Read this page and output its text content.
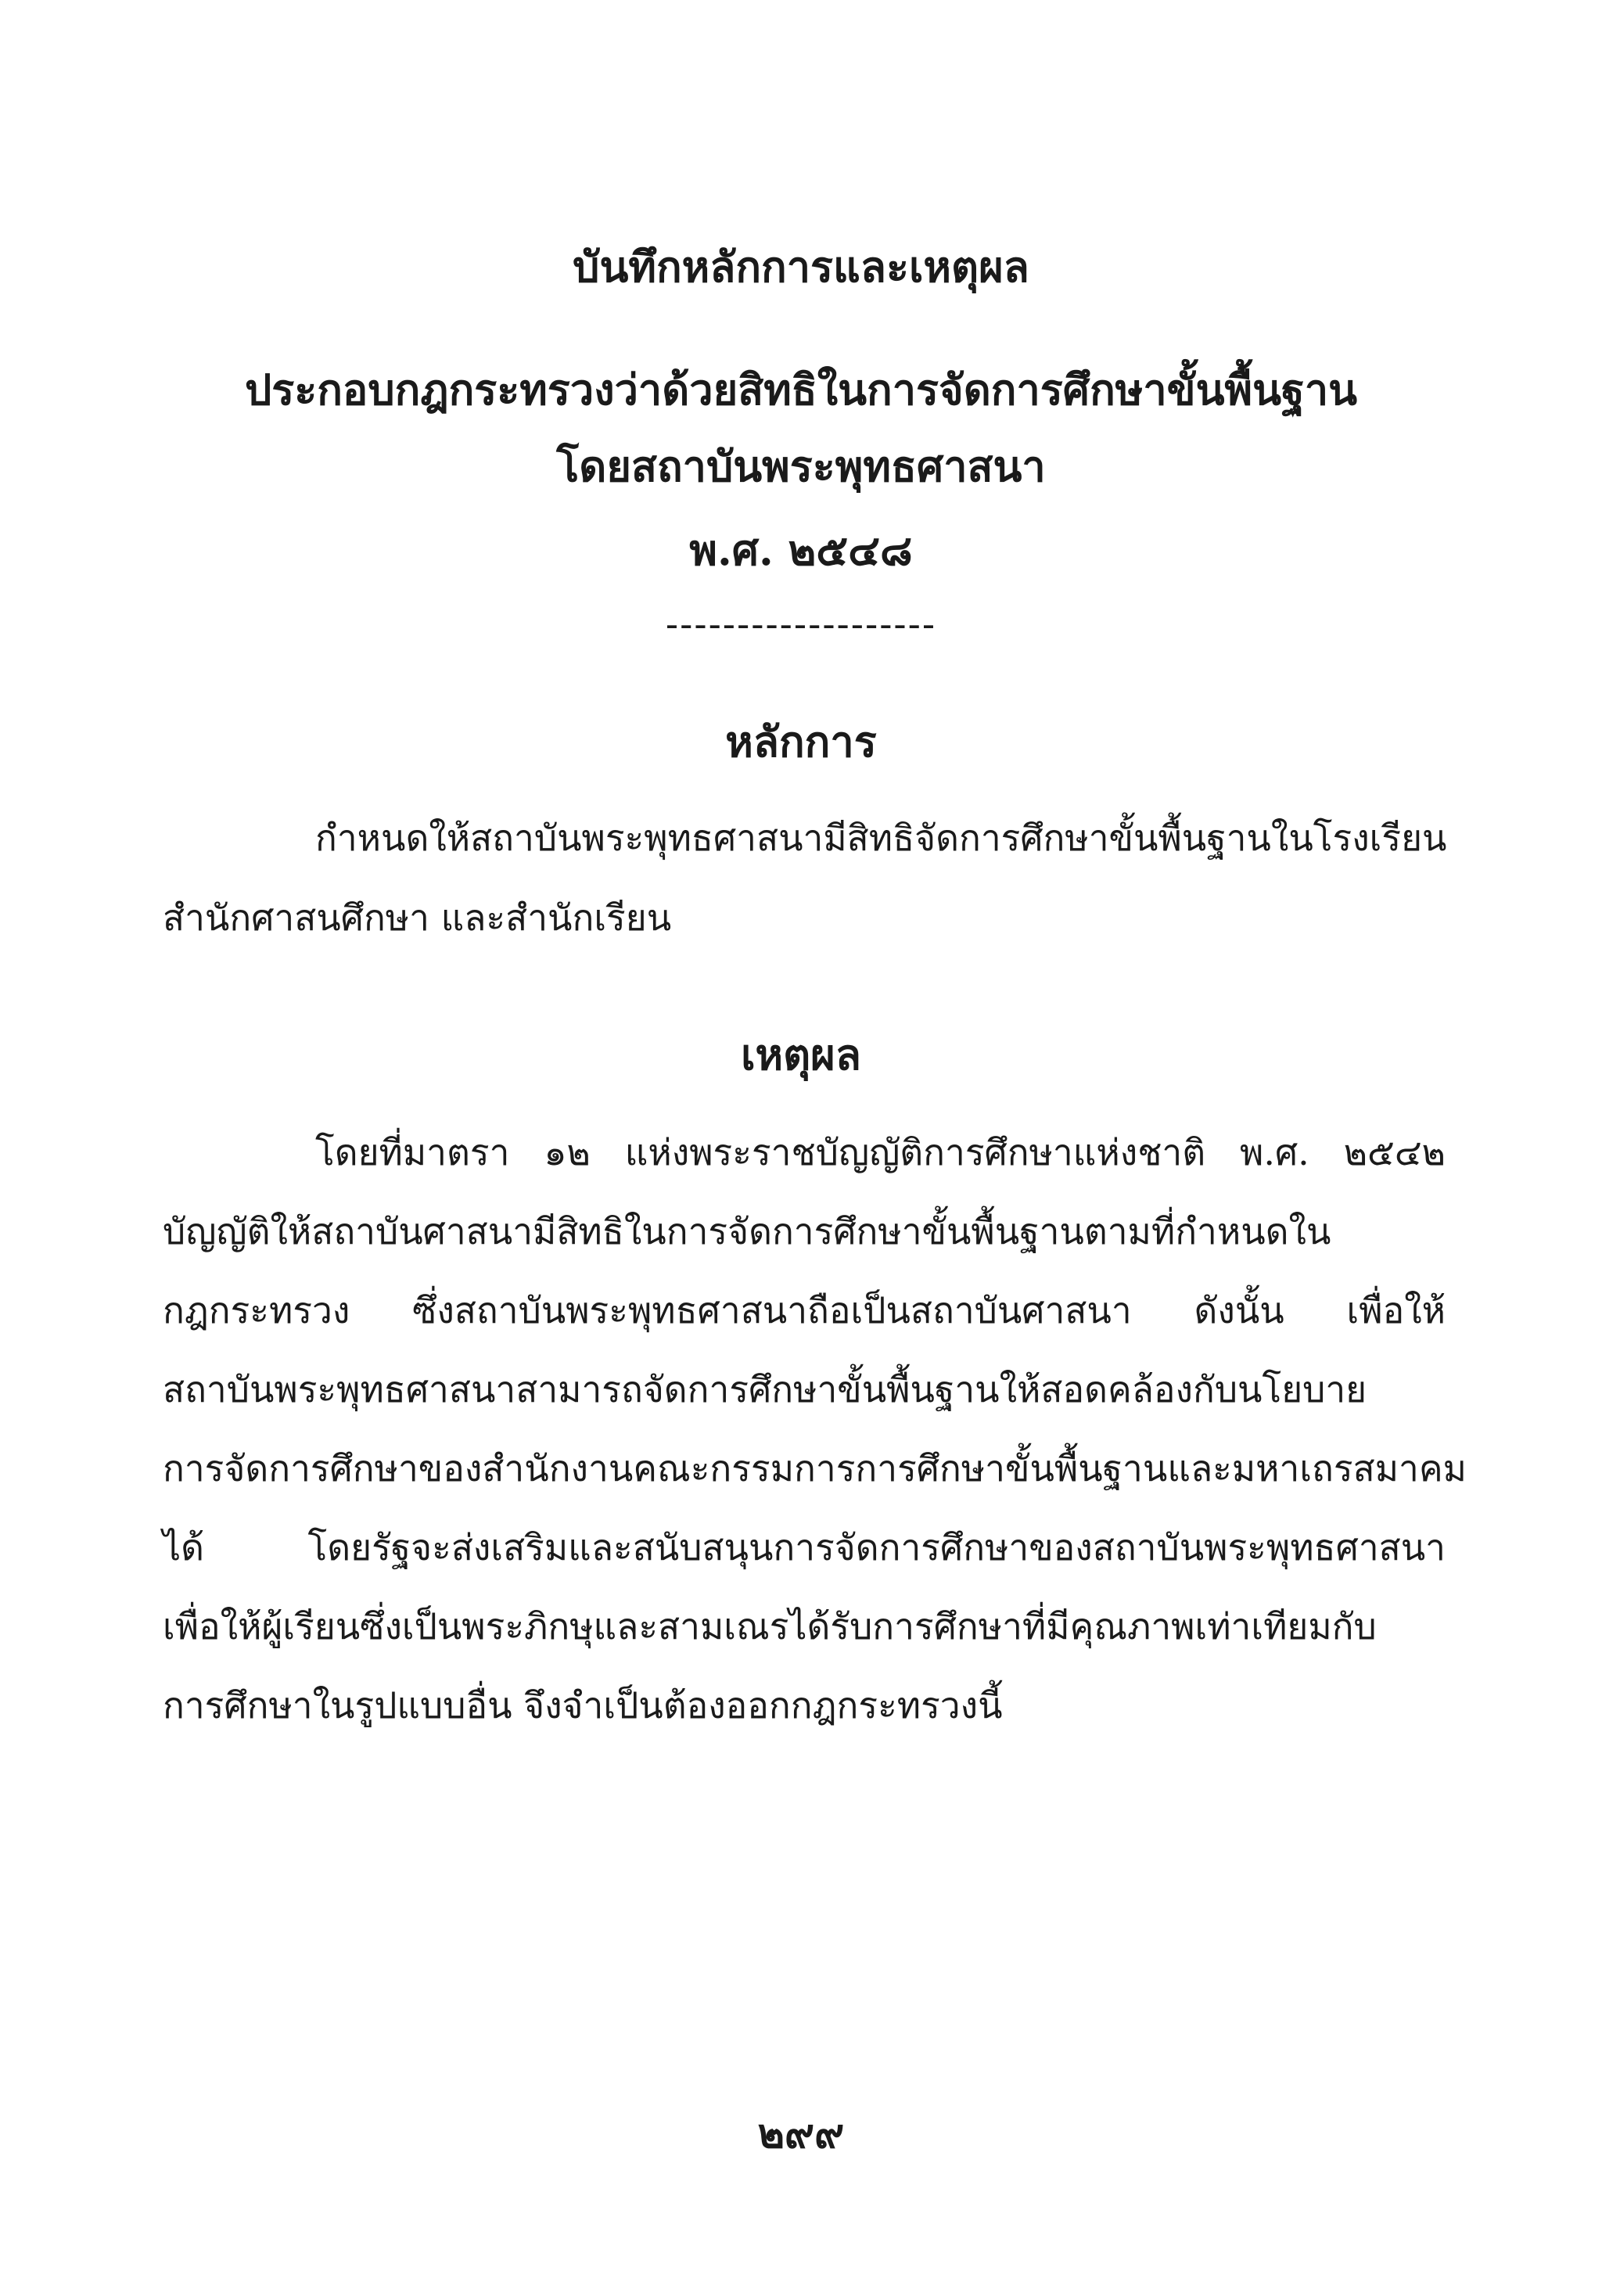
บันทึกหลักการและเหตุผล
ประกอบกฎกระทรวงว่าด้วยสิทธิในการจัดการศึกษาขั้นพื้นฐาน
โดยสถาบันพระพุทธศาสนา
พ.ศ. ๒๕๔๘
-------------------
หลักการ
กำหนดให้สถาบันพระพุทธศาสนามีสิทธิจัดการศึกษาขั้นพื้นฐานในโรงเรียน
สำนักศาสนศึกษา และสำนักเรียน
เหตุผล
โดยที่มาตรา ๑๒ แห่งพระราชบัญญัติการศึกษาแห่งชาติ พ.ศ. ๒๕๔๒
บัญญัติให้สถาบันศาสนามีสิทธิในการจัดการศึกษาขั้นพื้นฐานตามที่กำหนดใน
กฎกระทรวง ซึ่งสถาบันพระพุทธศาสนาถือเป็นสถาบันศาสนา ดังนั้น เพื่อให้
สถาบันพระพุทธศาสนาสามารถจัดการศึกษาขั้นพื้นฐานให้สอดคล้องกับนโยบาย
การจัดการศึกษาของสำนักงานคณะกรรมการการศึกษาขั้นพื้นฐานและมหาเถรสมาคม
ได้ โดยรัฐจะส่งเสริมและสนับสนุนการจัดการศึกษาของสถาบันพระพุทธศาสนา
เพื่อให้ผู้เรียนซึ่งเป็นพระภิกษุและสามเณรได้รับการศึกษาที่มีคุณภาพเท่าเทียมกับ
การศึกษาในรูปแบบอื่น จึงจำเป็นต้องออกกฎกระทรวงนี้
๒๙๙
